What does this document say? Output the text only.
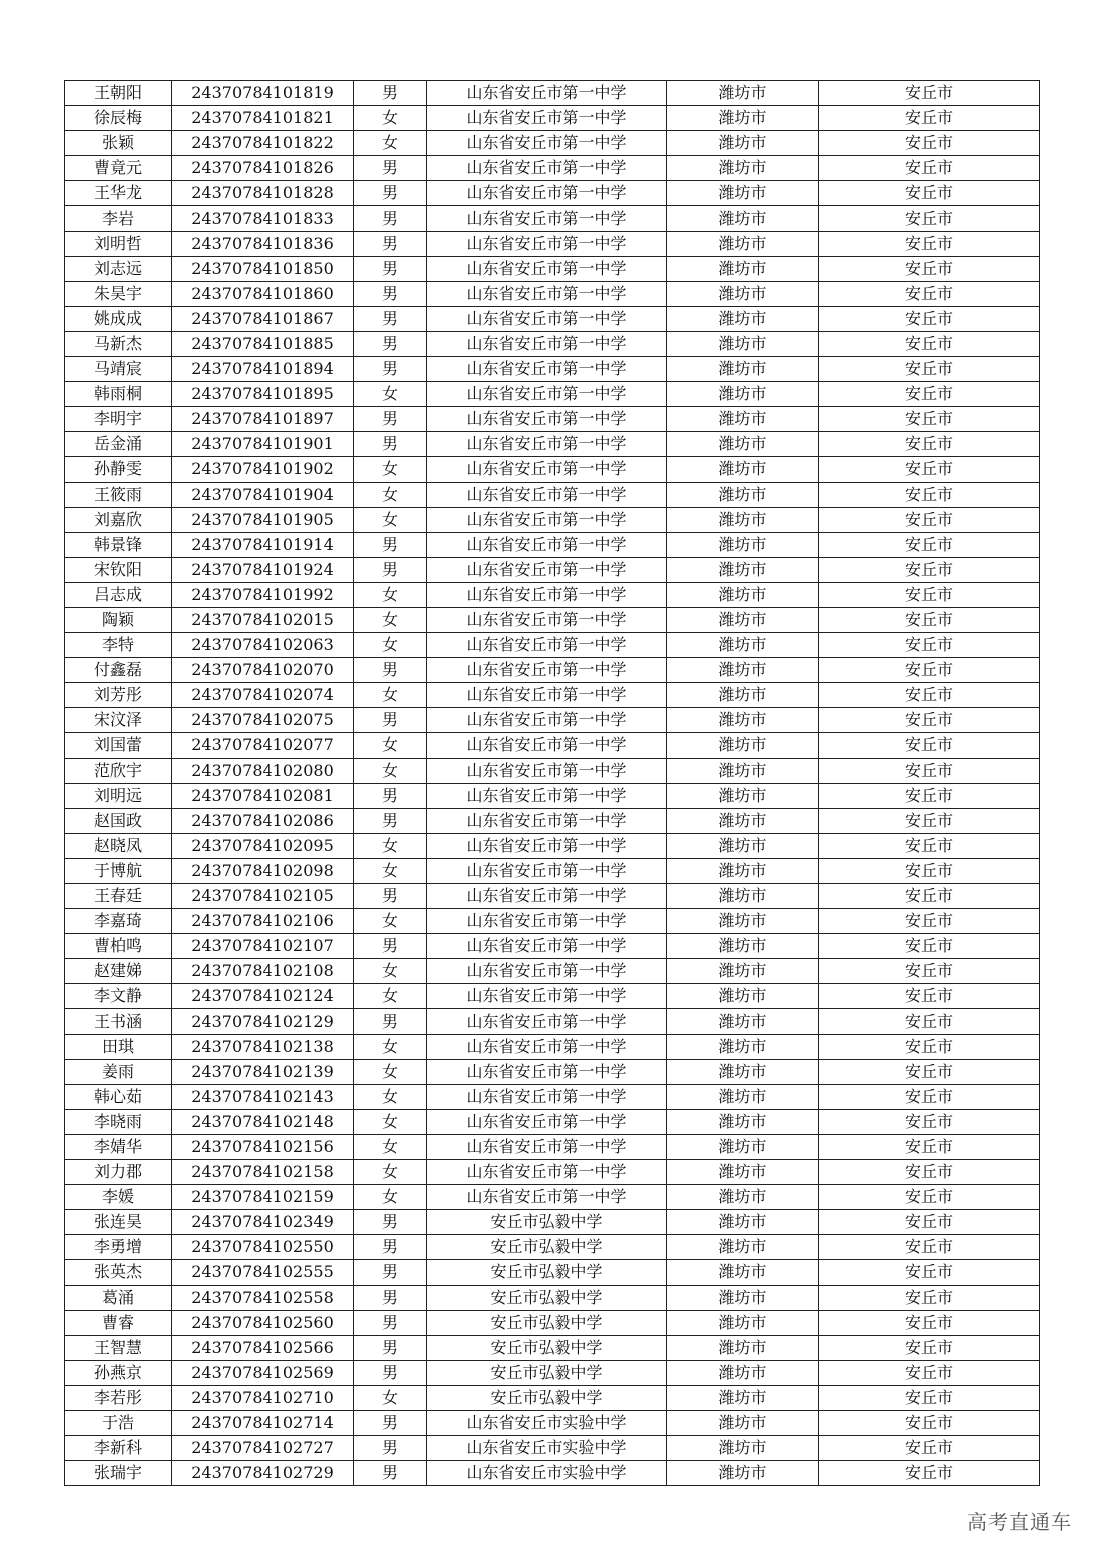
王朝阳	24370784101819	男	山东省安丘市第一中学	潍坊市	安丘市
徐辰梅	24370784101821	女	山东省安丘市第一中学	潍坊市	安丘市
张颖	24370784101822	女	山东省安丘市第一中学	潍坊市	安丘市
曹竟元	24370784101826	男	山东省安丘市第一中学	潍坊市	安丘市
王华龙	24370784101828	男	山东省安丘市第一中学	潍坊市	安丘市
李岩	24370784101833	男	山东省安丘市第一中学	潍坊市	安丘市
刘明哲	24370784101836	男	山东省安丘市第一中学	潍坊市	安丘市
刘志远	24370784101850	男	山东省安丘市第一中学	潍坊市	安丘市
朱昊宇	24370784101860	男	山东省安丘市第一中学	潍坊市	安丘市
姚成成	24370784101867	男	山东省安丘市第一中学	潍坊市	安丘市
马新杰	24370784101885	男	山东省安丘市第一中学	潍坊市	安丘市
马靖宸	24370784101894	男	山东省安丘市第一中学	潍坊市	安丘市
韩雨桐	24370784101895	女	山东省安丘市第一中学	潍坊市	安丘市
李明宇	24370784101897	男	山东省安丘市第一中学	潍坊市	安丘市
岳金涌	24370784101901	男	山东省安丘市第一中学	潍坊市	安丘市
孙静雯	24370784101902	女	山东省安丘市第一中学	潍坊市	安丘市
王筱雨	24370784101904	女	山东省安丘市第一中学	潍坊市	安丘市
刘嘉欣	24370784101905	女	山东省安丘市第一中学	潍坊市	安丘市
韩景锋	24370784101914	男	山东省安丘市第一中学	潍坊市	安丘市
宋钦阳	24370784101924	男	山东省安丘市第一中学	潍坊市	安丘市
吕志成	24370784101992	女	山东省安丘市第一中学	潍坊市	安丘市
陶颖	24370784102015	女	山东省安丘市第一中学	潍坊市	安丘市
李特	24370784102063	女	山东省安丘市第一中学	潍坊市	安丘市
付鑫磊	24370784102070	男	山东省安丘市第一中学	潍坊市	安丘市
刘芳彤	24370784102074	女	山东省安丘市第一中学	潍坊市	安丘市
宋汶泽	24370784102075	男	山东省安丘市第一中学	潍坊市	安丘市
刘国蕾	24370784102077	女	山东省安丘市第一中学	潍坊市	安丘市
范欣宇	24370784102080	女	山东省安丘市第一中学	潍坊市	安丘市
刘明远	24370784102081	男	山东省安丘市第一中学	潍坊市	安丘市
赵国政	24370784102086	男	山东省安丘市第一中学	潍坊市	安丘市
赵晓凤	24370784102095	女	山东省安丘市第一中学	潍坊市	安丘市
于博航	24370784102098	女	山东省安丘市第一中学	潍坊市	安丘市
王春廷	24370784102105	男	山东省安丘市第一中学	潍坊市	安丘市
李嘉琦	24370784102106	女	山东省安丘市第一中学	潍坊市	安丘市
曹柏鸣	24370784102107	男	山东省安丘市第一中学	潍坊市	安丘市
赵建娣	24370784102108	女	山东省安丘市第一中学	潍坊市	安丘市
李文静	24370784102124	女	山东省安丘市第一中学	潍坊市	安丘市
王书涵	24370784102129	男	山东省安丘市第一中学	潍坊市	安丘市
田琪	24370784102138	女	山东省安丘市第一中学	潍坊市	安丘市
姜雨	24370784102139	女	山东省安丘市第一中学	潍坊市	安丘市
韩心茹	24370784102143	女	山东省安丘市第一中学	潍坊市	安丘市
李晓雨	24370784102148	女	山东省安丘市第一中学	潍坊市	安丘市
李婧华	24370784102156	女	山东省安丘市第一中学	潍坊市	安丘市
刘力郡	24370784102158	女	山东省安丘市第一中学	潍坊市	安丘市
李媛	24370784102159	女	山东省安丘市第一中学	潍坊市	安丘市
张连昊	24370784102349	男	安丘市弘毅中学	潍坊市	安丘市
李勇增	24370784102550	男	安丘市弘毅中学	潍坊市	安丘市
张英杰	24370784102555	男	安丘市弘毅中学	潍坊市	安丘市
葛涌	24370784102558	男	安丘市弘毅中学	潍坊市	安丘市
曹睿	24370784102560	男	安丘市弘毅中学	潍坊市	安丘市
王智慧	24370784102566	男	安丘市弘毅中学	潍坊市	安丘市
孙燕京	24370784102569	男	安丘市弘毅中学	潍坊市	安丘市
李若彤	24370784102710	女	安丘市弘毅中学	潍坊市	安丘市
于浩	24370784102714	男	山东省安丘市实验中学	潍坊市	安丘市
李新科	24370784102727	男	山东省安丘市实验中学	潍坊市	安丘市
张瑞宇	24370784102729	男	山东省安丘市实验中学	潍坊市	安丘市
高考直通车
